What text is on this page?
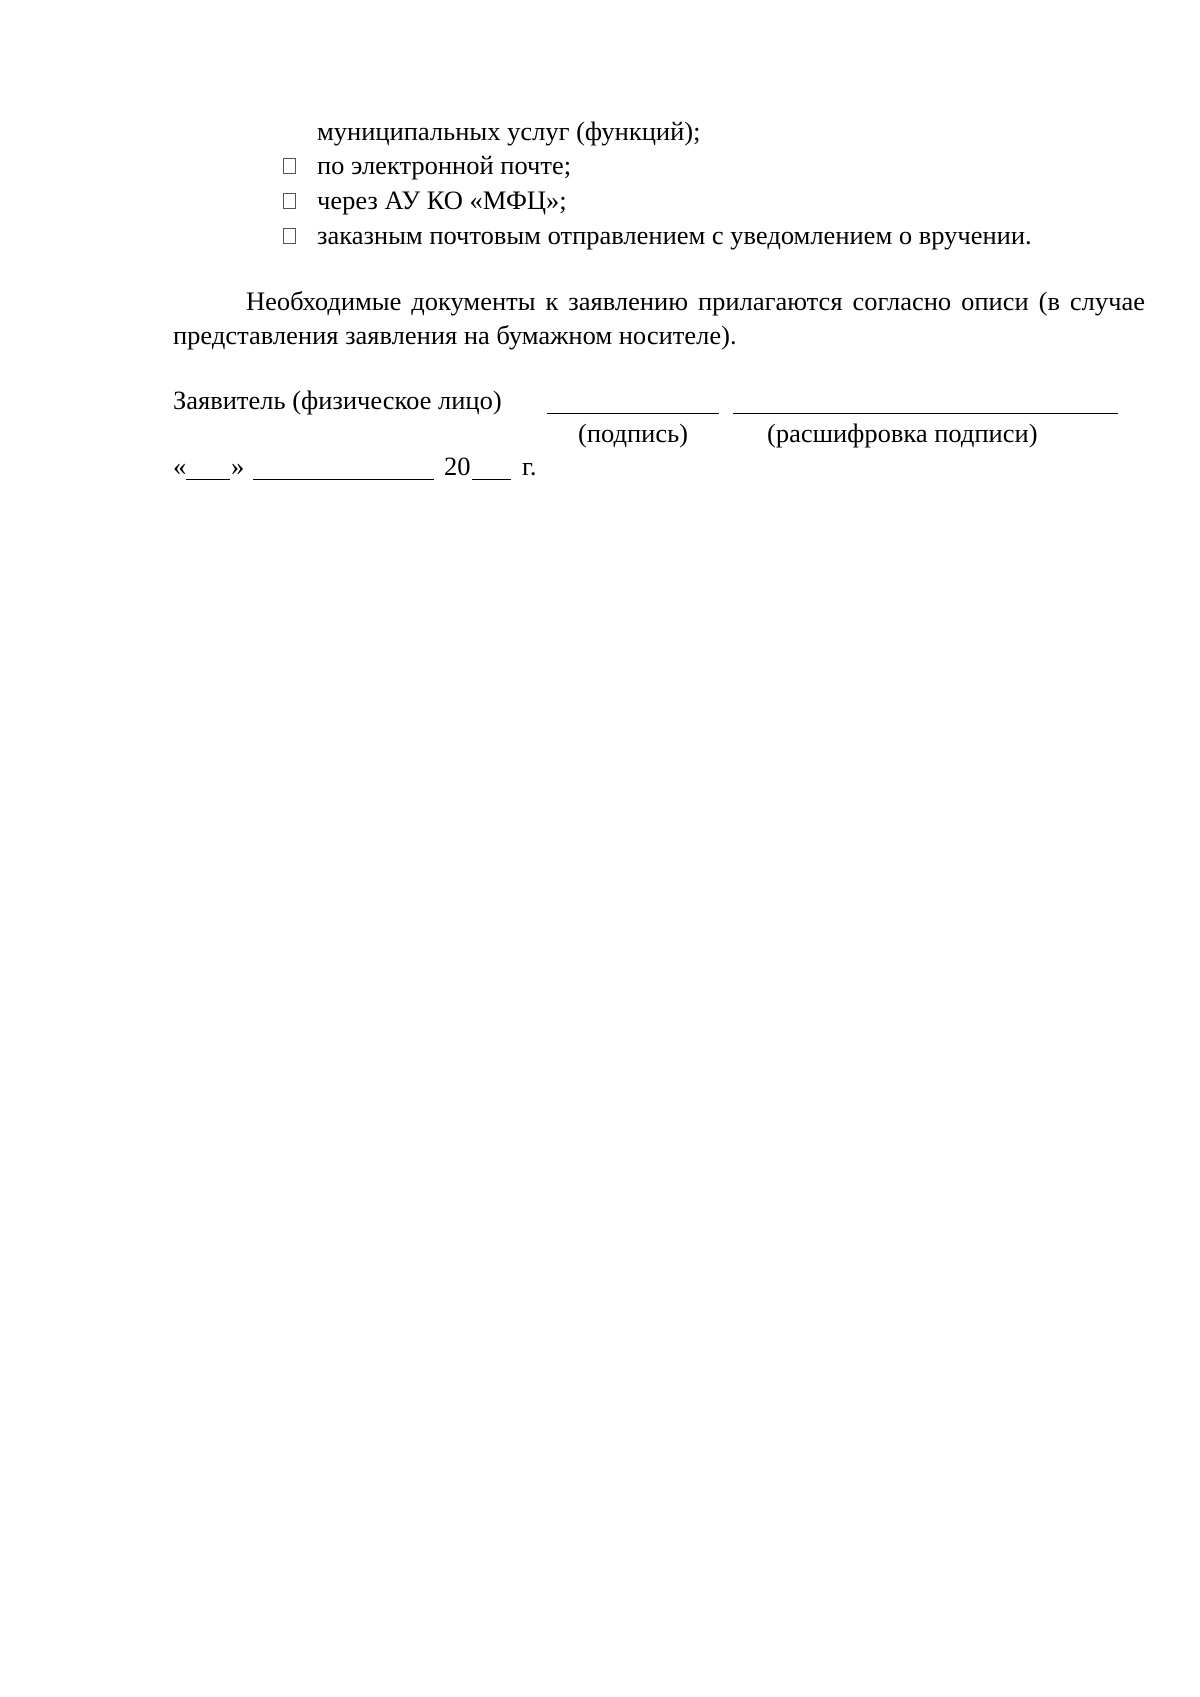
муниципальных услуг (функций);
по электронной почте;
через АУ КО «МФЦ»;
заказным почтовым отправлением с уведомлением о вручении.
Необходимые документы к заявлению прилагаются согласно описи (в случае представления заявления на бумажном носителе).
Заявитель (физическое лицо)
(подпись)	(расшифровка подписи)
« »	20 г.
